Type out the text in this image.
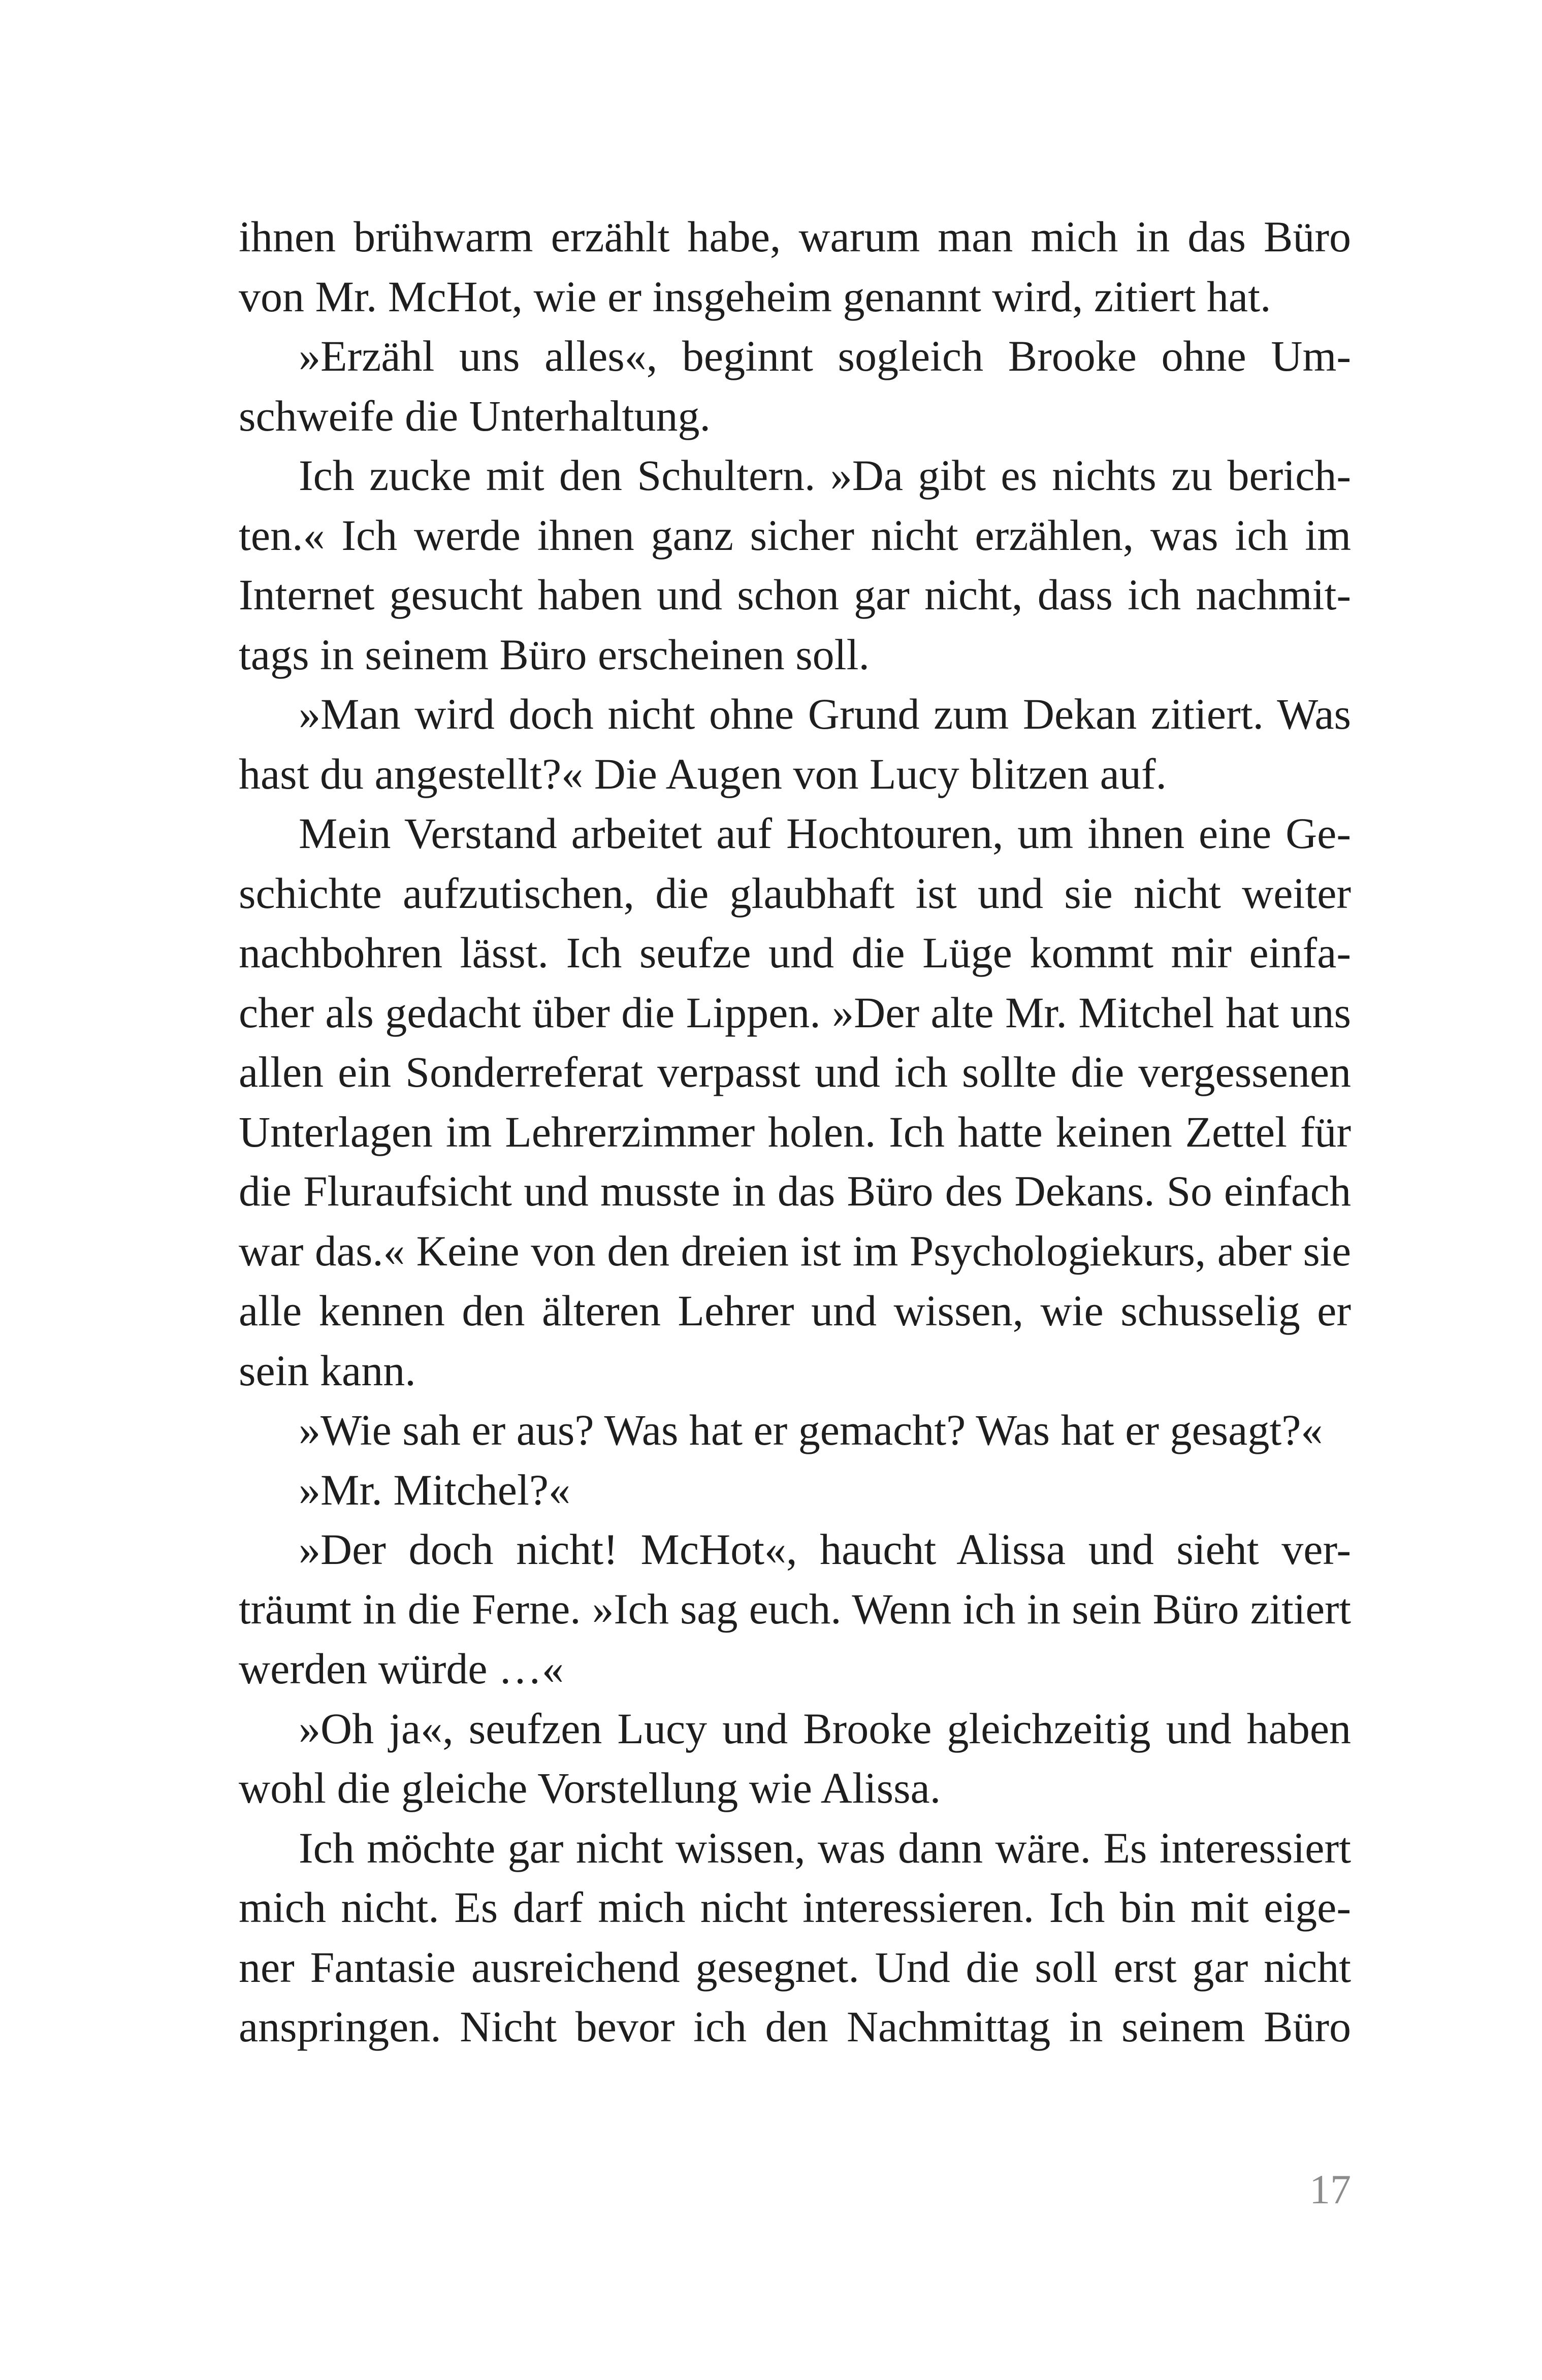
ihnen brühwarm erzählt habe, warum man mich in das Büro
von Mr. McHot, wie er insgeheim genannt wird, zitiert hat.
»Erzähl uns alles«, beginnt sogleich Brooke ohne Um-
schweife die Unterhaltung.
Ich zucke mit den Schultern. »Da gibt es nichts zu berich-
ten.« Ich werde ihnen ganz sicher nicht erzählen, was ich im
Internet gesucht haben und schon gar nicht, dass ich nachmit-
tags in seinem Büro erscheinen soll.
»Man wird doch nicht ohne Grund zum Dekan zitiert. Was
hast du angestellt?« Die Augen von Lucy blitzen auf.
Mein Verstand arbeitet auf Hochtouren, um ihnen eine Ge-
schichte aufzutischen, die glaubhaft ist und sie nicht weiter
nachbohren lässt. Ich seufze und die Lüge kommt mir einfa-
cher als gedacht über die Lippen. »Der alte Mr. Mitchel hat uns
allen ein Sonderreferat verpasst und ich sollte die vergessenen
Unterlagen im Lehrerzimmer holen. Ich hatte keinen Zettel für
die Fluraufsicht und musste in das Büro des Dekans. So einfach
war das.« Keine von den dreien ist im Psychologiekurs, aber sie
alle kennen den älteren Lehrer und wissen, wie schusselig er
sein kann.
»Wie sah er aus? Was hat er gemacht? Was hat er gesagt?«
»Mr. Mitchel?«
»Der doch nicht! McHot«, haucht Alissa und sieht ver-
träumt in die Ferne. »Ich sag euch. Wenn ich in sein Büro zitiert
werden würde …«
»Oh ja«, seufzen Lucy und Brooke gleichzeitig und haben
wohl die gleiche Vorstellung wie Alissa.
Ich möchte gar nicht wissen, was dann wäre. Es interessiert
mich nicht. Es darf mich nicht interessieren. Ich bin mit eige-
ner Fantasie ausreichend gesegnet. Und die soll erst gar nicht
anspringen. Nicht bevor ich den Nachmittag in seinem Büro
17
